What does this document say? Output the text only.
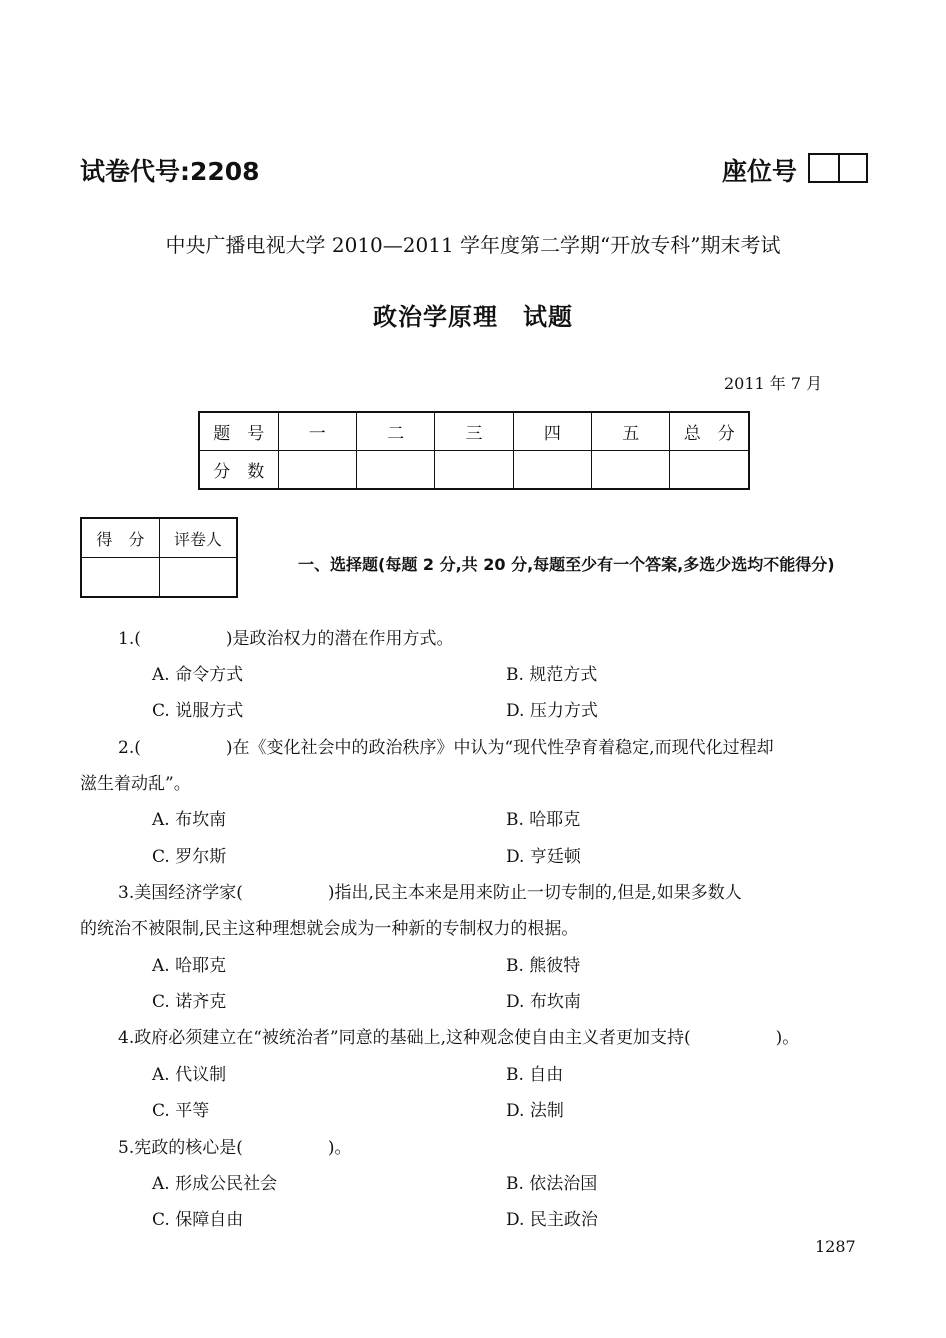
试卷代号:2208	座位号
中央广播电视大学 2010—2011 学年度第二学期“开放专科”期末考试
政治学原理　试题
2011 年 7 月
题　号	一	二	三	四	五	总　分
分　数						
得　分	评卷人

一、选择题(每题 2 分,共 20 分,每题至少有一个答案,多选少选均不能得分)
1.(　　　　　)是政治权力的潜在作用方式。
A. 命令方式	B. 规范方式
C. 说服方式	D. 压力方式
2.(　　　　　)在《变化社会中的政治秩序》中认为“现代性孕育着稳定,而现代化过程却
滋生着动乱”。
A. 布坎南	B. 哈耶克
C. 罗尔斯	D. 亨廷顿
3.美国经济学家(　　　　　)指出,民主本来是用来防止一切专制的,但是,如果多数人
的统治不被限制,民主这种理想就会成为一种新的专制权力的根据。
A. 哈耶克	B. 熊彼特
C. 诺齐克	D. 布坎南
4.政府必须建立在“被统治者”同意的基础上,这种观念使自由主义者更加支持(　　　　　)。
A. 代议制	B. 自由
C. 平等	D. 法制
5.宪政的核心是(　　　　　)。
A. 形成公民社会	B. 依法治国
C. 保障自由	D. 民主政治
1287
